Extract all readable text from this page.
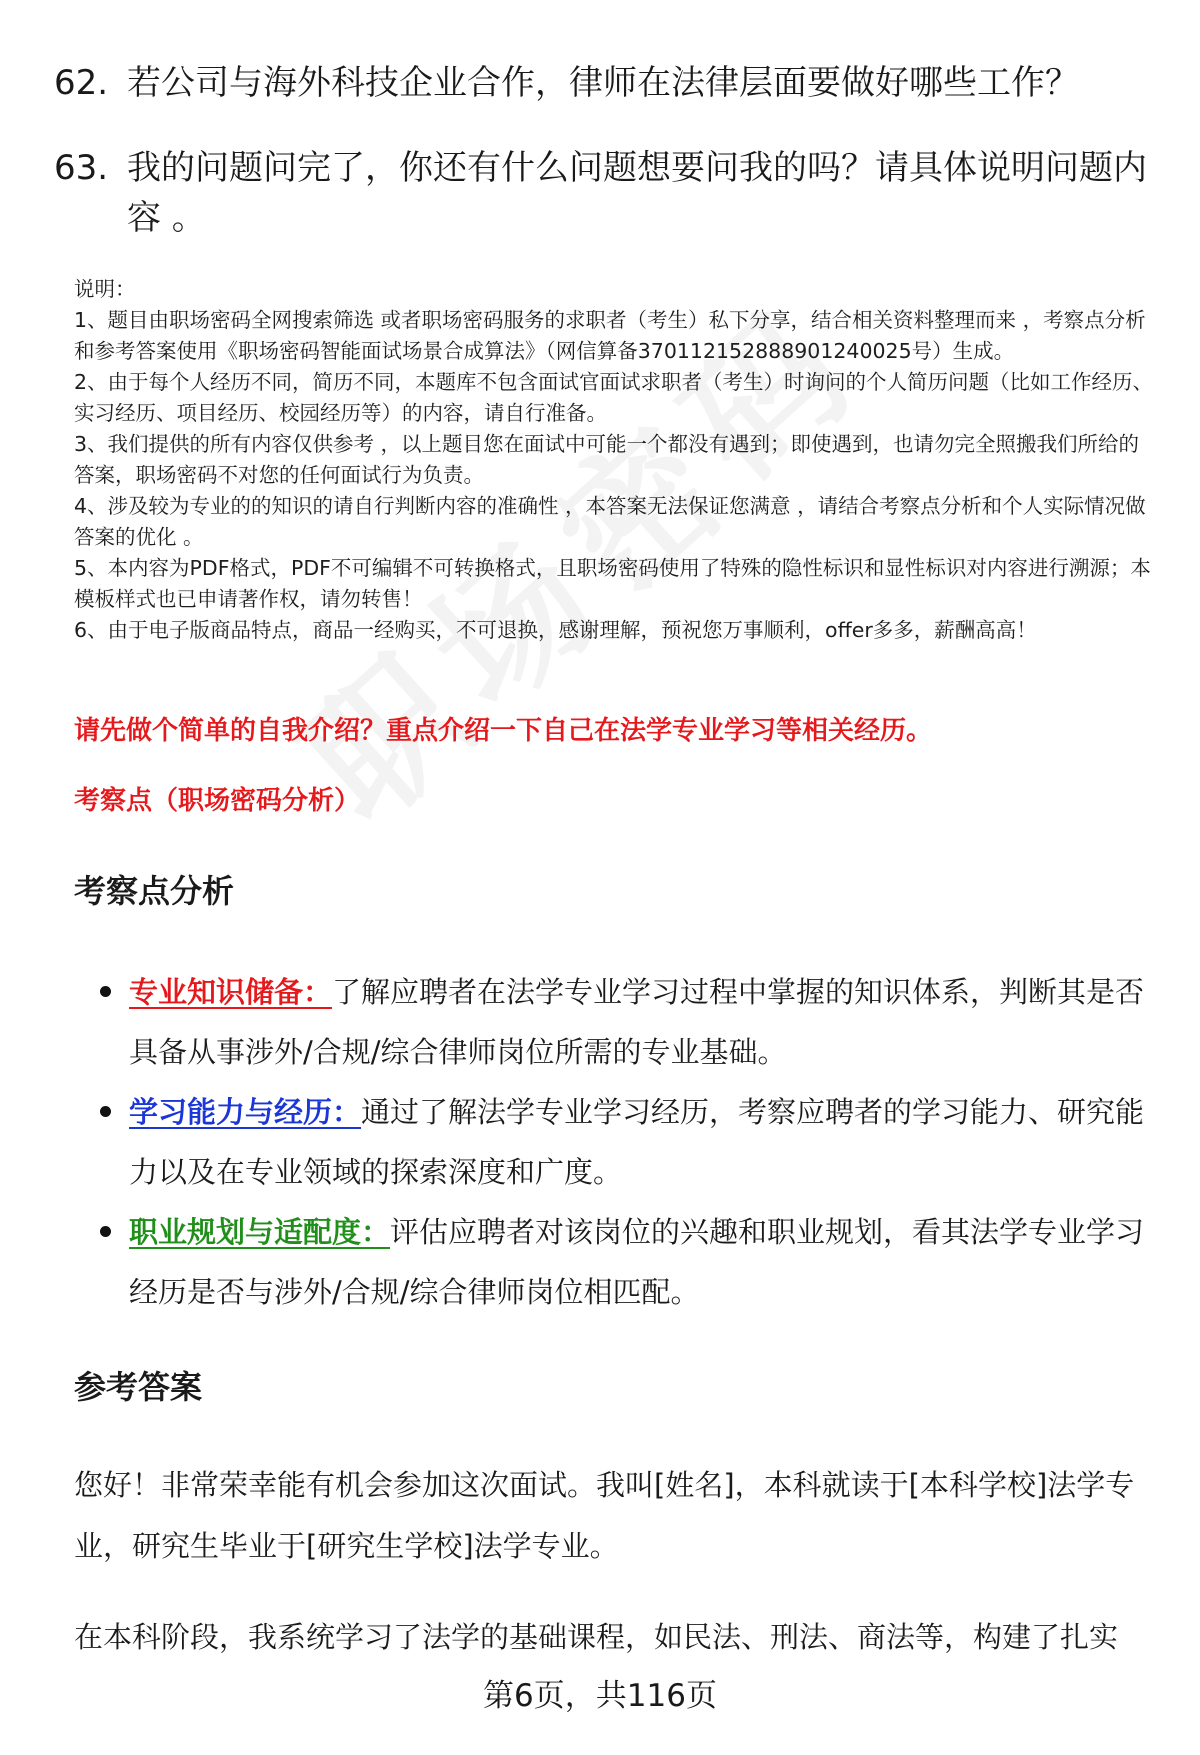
62. 若公司与海外科技企业合作，律师在法律层面要做好哪些工作？
63. 我的问题问完了，你还有什么问题想要问我的吗？请具体说明问题内容 。
说明：
1、题目由职场密码全网搜索筛选 或者职场密码服务的求职者（考生）私下分享，结合相关资料整理而来 ，考察点分析和参考答案使用《职场密码智能面试场景合成算法》（网信算备370112152888901240025号）生成。
2、由于每个人经历不同，简历不同，本题库不包含面试官面试求职者（考生）时询问的个人简历问题（比如工作经历、实习经历、项目经历、校园经历等）的内容，请自行准备。
3、我们提供的所有内容仅供参考 ，以上题目您在面试中可能一个都没有遇到；即使遇到，也请勿完全照搬我们所给的答案，职场密码不对您的任何面试行为负责。
4、涉及较为专业的的知识的请自行判断内容的准确性 ，本答案无法保证您满意 ，请结合考察点分析和个人实际情况做答案的优化 。
5、本内容为PDF格式，PDF不可编辑不可转换格式，且职场密码使用了特殊的隐性标识和显性标识对内容进行溯源；本模板样式也已申请著作权，请勿转售！
6、由于电子版商品特点，商品一经购买，不可退换，感谢理解，预祝您万事顺利，offer多多，薪酬高高！
请先做个简单的自我介绍？重点介绍一下自己在法学专业学习等相关经历。
考察点（职场密码分析）
考察点分析
专业知识储备：了解应聘者在法学专业学习过程中掌握的知识体系，判断其是否具备从事涉外/合规/综合律师岗位所需的专业基础。
学习能力与经历：通过了解法学专业学习经历，考察应聘者的学习能力、研究能力以及在专业领域的探索深度和广度。
职业规划与适配度：评估应聘者对该岗位的兴趣和职业规划，看其法学专业学习经历是否与涉外/合规/综合律师岗位相匹配。
参考答案
您好！非常荣幸能有机会参加这次面试。我叫[姓名]，本科就读于[本科学校]法学专业，研究生毕业于[研究生学校]法学专业。
在本科阶段，我系统学习了法学的基础课程，如民法、刑法、商法等，构建了扎实
第6页，共116页
